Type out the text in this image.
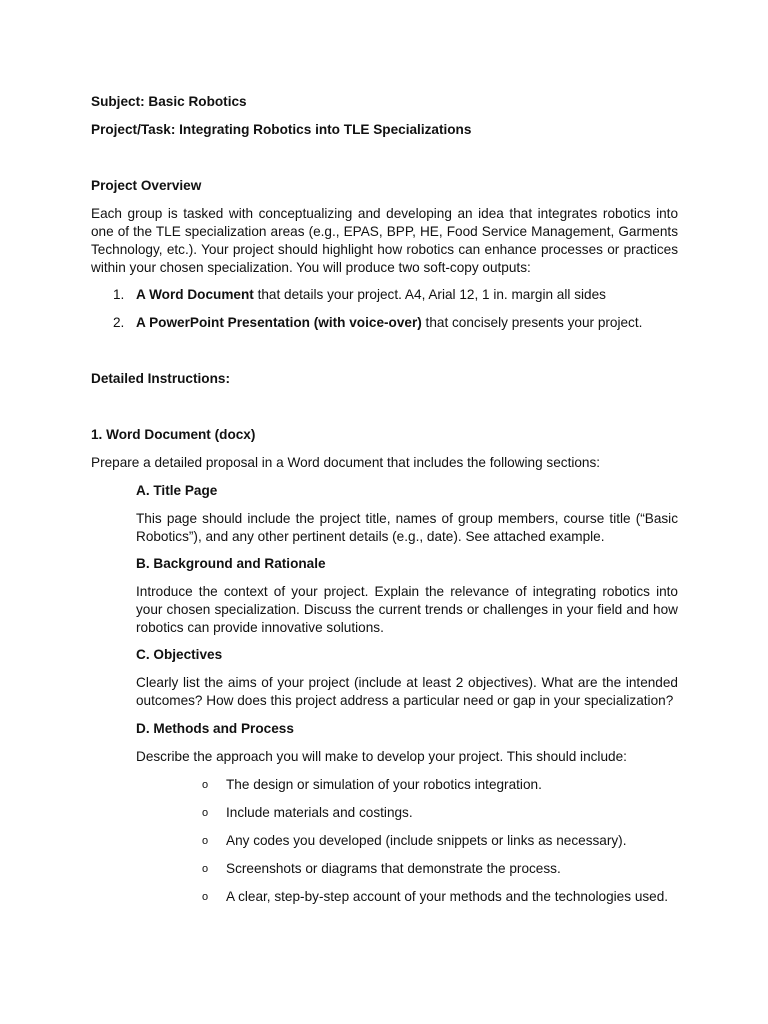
Subject: Basic Robotics

Project/Task: Integrating Robotics into TLE Specializations

Project Overview

Each group is tasked with conceptualizing and developing an idea that integrates robotics into one of the TLE specialization areas (e.g., EPAS, BPP, HE, Food Service Management, Garments Technology, etc.). Your project should highlight how robotics can enhance processes or practices within your chosen specialization. You will produce two soft-copy outputs:

1. A Word Document that details your project. A4, Arial 12, 1 in. margin all sides
2. A PowerPoint Presentation (with voice-over) that concisely presents your project.

Detailed Instructions:

1. Word Document (docx)

Prepare a detailed proposal in a Word document that includes the following sections:

A. Title Page

This page should include the project title, names of group members, course title (“Basic Robotics”), and any other pertinent details (e.g., date). See attached example.

B. Background and Rationale

Introduce the context of your project. Explain the relevance of integrating robotics into your chosen specialization. Discuss the current trends or challenges in your field and how robotics can provide innovative solutions.

C. Objectives

Clearly list the aims of your project (include at least 2 objectives). What are the intended outcomes? How does this project address a particular need or gap in your specialization?

D. Methods and Process

Describe the approach you will make to develop your project. This should include:

o The design or simulation of your robotics integration.
o Include materials and costings.
o Any codes you developed (include snippets or links as necessary).
o Screenshots or diagrams that demonstrate the process.
o A clear, step-by-step account of your methods and the technologies used.
